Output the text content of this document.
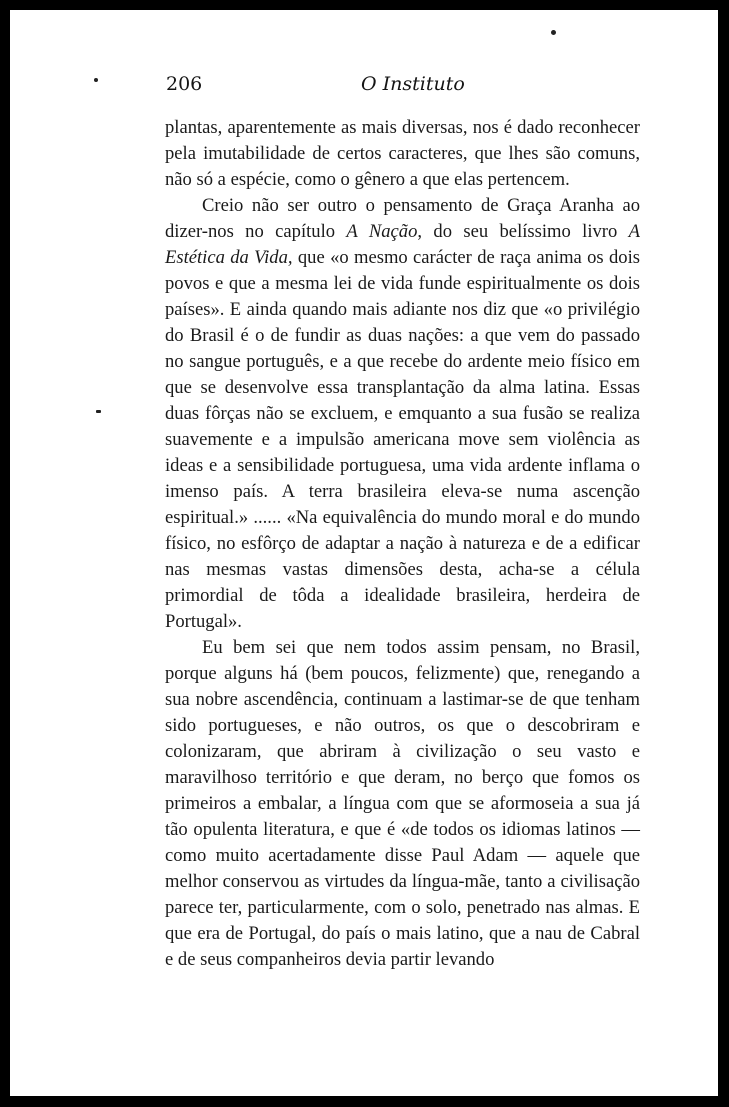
206	O Instituto

plantas, aparentemente as mais diversas, nos é dado reconhecer pela imutabilidade de certos caracteres, que lhes são comuns, não só a espécie, como o gênero a que elas pertencem.

Creio não ser outro o pensamento de Graça Aranha ao dizer-nos no capítulo A Nação, do seu belíssimo livro A Estética da Vida, que «o mesmo carácter de raça anima os dois povos e que a mesma lei de vida funde espiritualmente os dois países». E ainda quando mais adiante nos diz que «o privilégio do Brasil é o de fundir as duas nações: a que vem do passado no sangue português, e a que recebe do ardente meio físico em que se desenvolve essa transplantação da alma latina. Essas duas fôrças não se excluem, e emquanto a sua fusão se realiza suavemente e a impulsão americana move sem violência as ideas e a sensibilidade portuguesa, uma vida ardente inflama o imenso país. A terra brasileira eleva-se numa ascenção espiritual.» ...... «Na equivalência do mundo moral e do mundo físico, no esfôrço de adaptar a nação à natureza e de a edificar nas mesmas vastas dimensões desta, acha-se a célula primordial de tôda a idealidade brasileira, herdeira de Portugal».

Eu bem sei que nem todos assim pensam, no Brasil, porque alguns há (bem poucos, felizmente) que, renegando a sua nobre ascendência, continuam a lastimar-se de que tenham sido portugueses, e não outros, os que o descobriram e colonizaram, que abriram à civilização o seu vasto e maravilhoso território e que deram, no berço que fomos os primeiros a embalar, a língua com que se aformoseia a sua já tão opulenta literatura, e que é «de todos os idiomas latinos — como muito acertadamente disse Paul Adam — aquele que melhor conservou as virtudes da língua-mãe, tanto a civilisação parece ter, particularmente, com o solo, penetrado nas almas. E que era de Portugal, do país o mais latino, que a nau de Cabral e de seus companheiros devia partir levando
